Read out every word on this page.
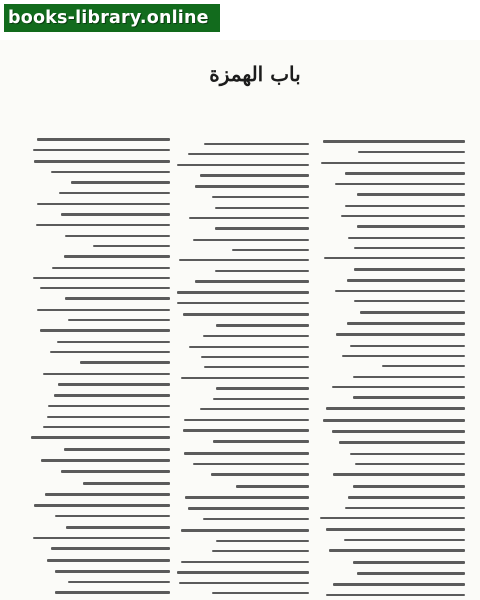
books-library.online
باب الهمزة
